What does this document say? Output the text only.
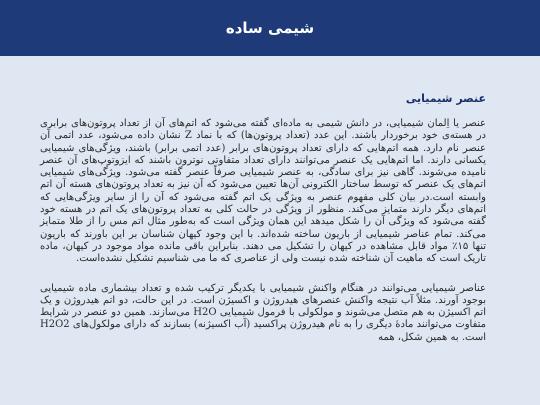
شیمی ساده
عنصر شیمیایی

عنصر یا اِلمان شیمیایی، در دانش شیمی به ماده‌ای گفته می‌شود که اتم‌های آن از تعداد پروتون‌های برابری در هسته‌ی خود برخوردار باشند. این عدد (تعداد پروتون‌ها) که با نماد Z نشان داده می‌شود، عدد اتمی آن عنصر نام دارد. همه اتم‌هایی که دارای تعداد پروتون‌های برابر (عدد اتمی برابر) باشند، ویژگی‌های شیمیایی یکسانی دارند. اما اتم‌هایی یک عنصر می‌توانند دارای تعداد متفاوتی نوترون باشند که ایزوتوپ‌های آن عنصر نامیده می‌شوند. گاهی نیز برای سادگی، به عنصر شیمیایی صرفاً عنصر گفته می‌شود. ویژگی‌های شیمیایی اتم‌های یک عنصر که توسط ساختار الکترونی آن‌ها تعیین می‌شود که آن نیز به تعداد پروتون‌های هسته آن اتم وابسته است.در بیان کلی مفهوم عنصر به ویژگی یک اتم گفته می‌شود که آن را از سایر ویژگی‌هایی که اتم‌های دیگر دارند متمایز می‌کند. منظور از ویژگی در حالت کلی به تعداد پروتون‌های یک اتم در هسته خود گفته می‌شود که ویژگی آن را شکل میدهد این همان ویژگی است که به‌طور مثال اتم مس را از طلا متمایز می‌کند. تمام عناصر شیمیایی از باریون ساخته شده‌اند. با این وجود کیهان شناسان بر این باورند که باریون تنها ۱۵٪ مواد قابل مشاهده در کیهان را تشکیل می دهند. بنابراین باقی مانده مواد موجود در کیهان، ماده تاریک است که ماهیت آن شناخته شده نیست ولی از عناصری که ما می شناسیم تشکیل نشده‌است.

عناصر شیمیایی می‌توانند در هنگام واکنش شیمیایی با یکدیگر ترکیب شده و تعداد بیشماری ماده شیمیایی بوجود آورند. مثلاً آب نتیجه واکنش عنصرهای هیدروژن و اکسیژن است. در این حالت، دو اتم هیدروژن و یک اتم اکسیژن به هم متصل می‌شوند و مولکولی با فرمول شیمیایی H2O می‌سازند. همین دو عنصر در شرایط متفاوت می‌توانند مادهٔ دیگری را به نام هیدروژن پراکسید (آب اکسیژنه) بسازند که دارای مولکول‌های H2O2 است. به همین شکل، همه
